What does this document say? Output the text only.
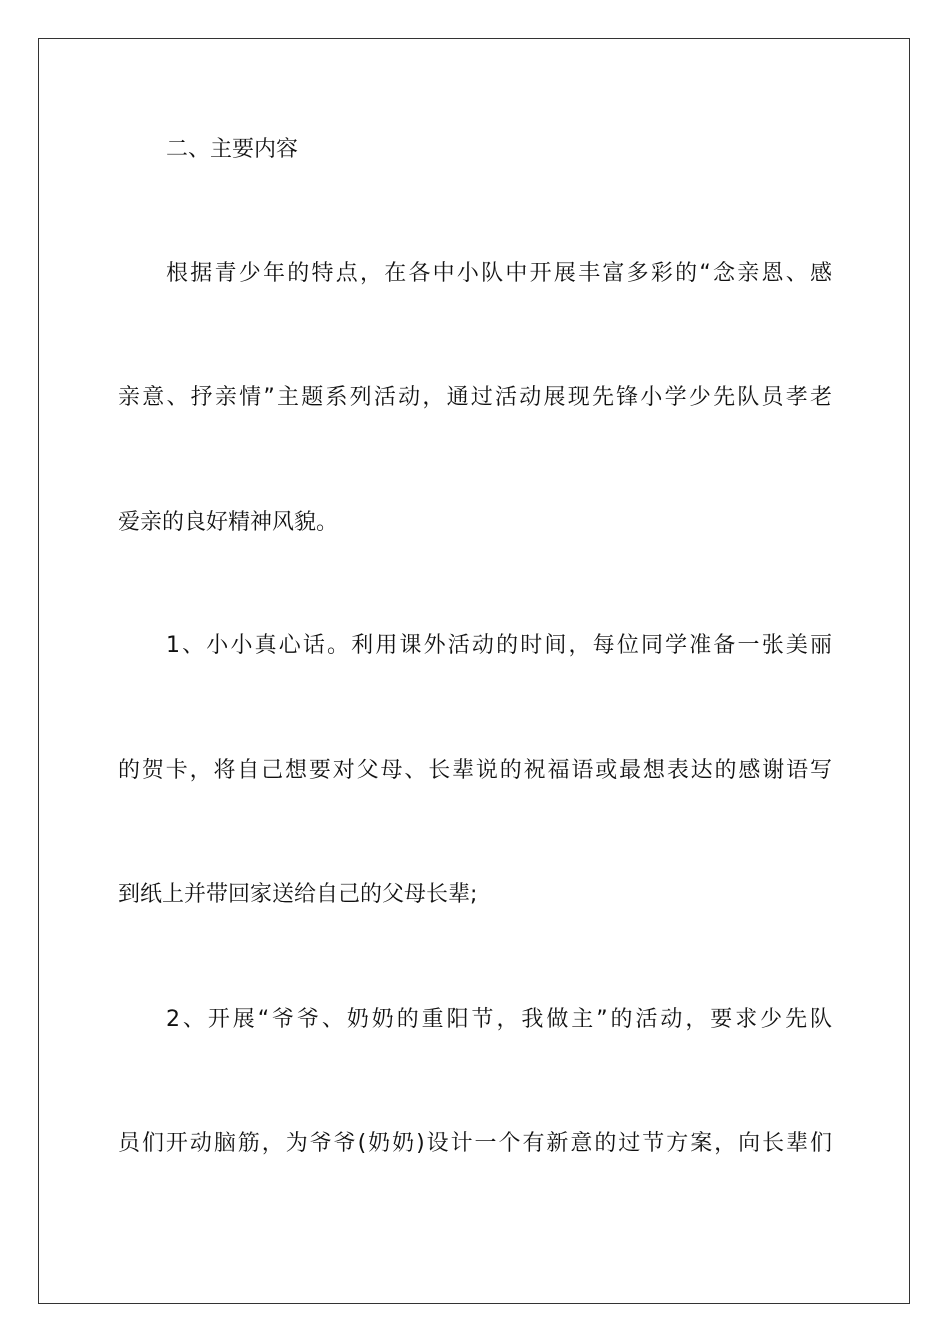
二、主要内容
根据青少年的特点，在各中小队中开展丰富多彩的“念亲恩、感
亲意、抒亲情”主题系列活动，通过活动展现先锋小学少先队员孝老
爱亲的良好精神风貌。
1、小小真心话。利用课外活动的时间，每位同学准备一张美丽
的贺卡，将自己想要对父母、长辈说的祝福语或最想表达的感谢语写
到纸上并带回家送给自己的父母长辈;
2、开展“爷爷、奶奶的重阳节，我做主”的活动，要求少先队
员们开动脑筋，为爷爷(奶奶)设计一个有新意的过节方案，向长辈们
